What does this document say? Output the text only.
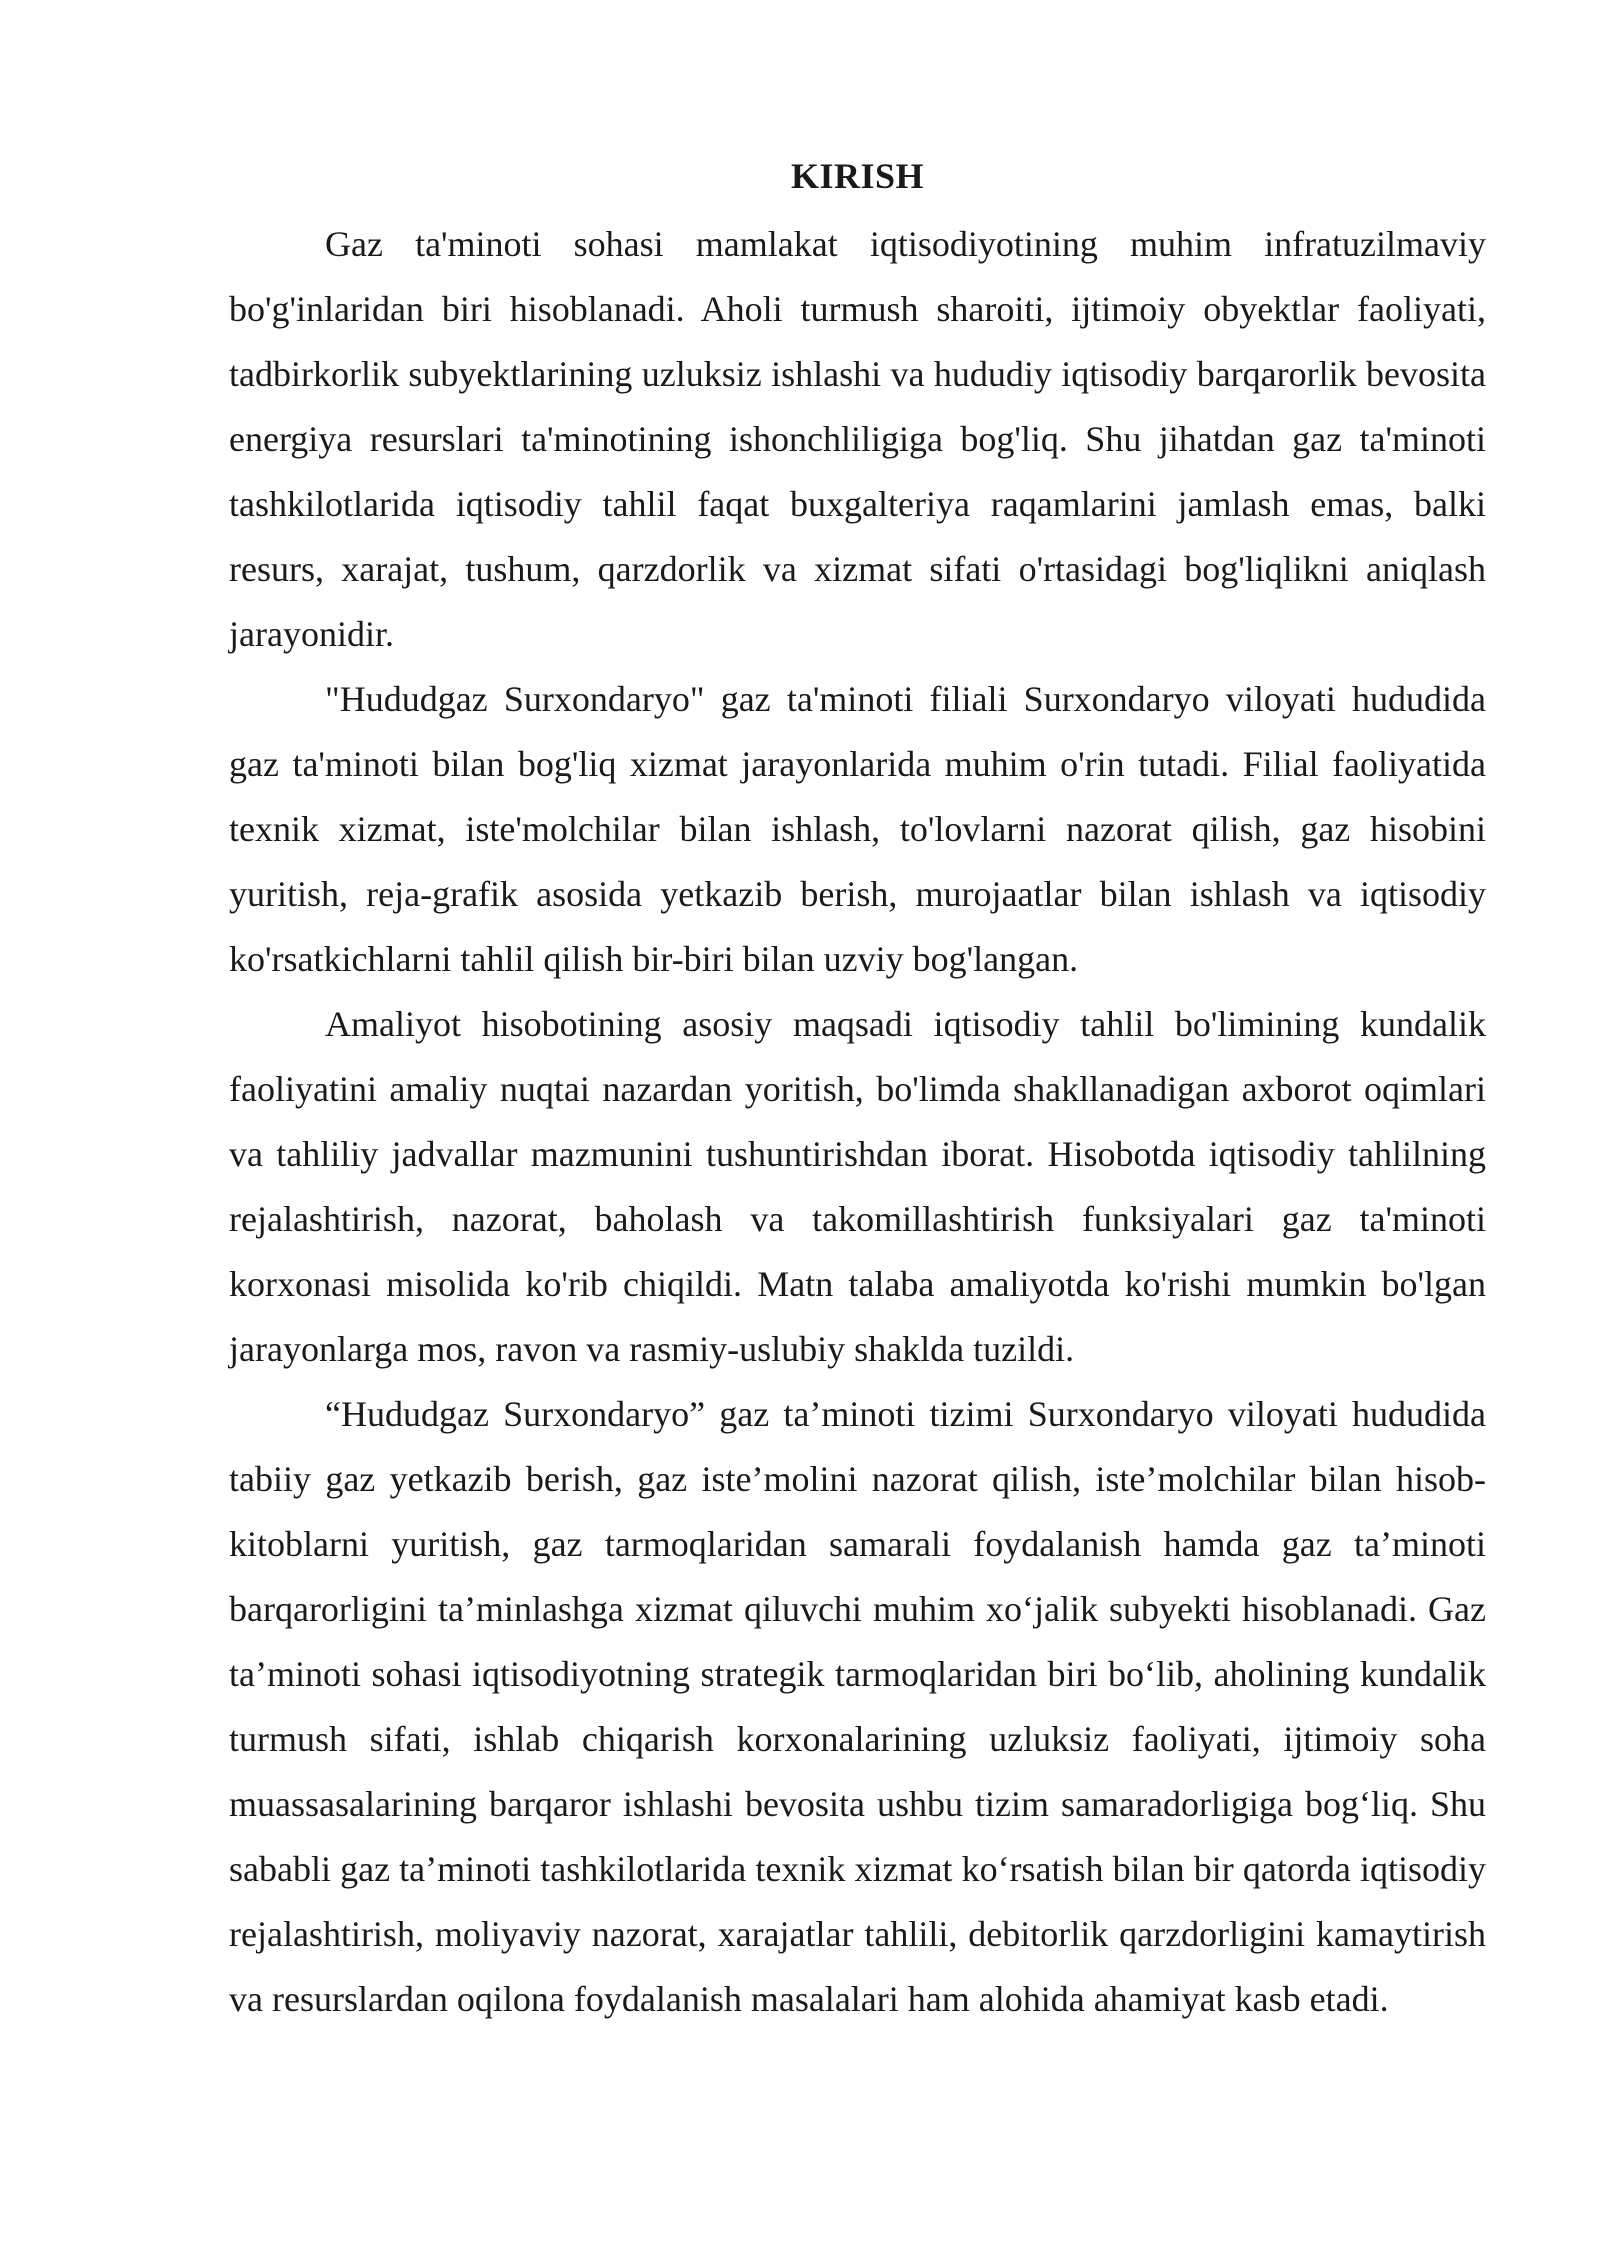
KIRISH

Gaz ta'minoti sohasi mamlakat iqtisodiyotining muhim infratuzilmaviy bo'g'inlaridan biri hisoblanadi. Aholi turmush sharoiti, ijtimoiy obyektlar faoliyati, tadbirkorlik subyektlarining uzluksiz ishlashi va hududiy iqtisodiy barqarorlik bevosita energiya resurslari ta'minotining ishonchliligiga bog'liq. Shu jihatdan gaz ta'minoti tashkilotlarida iqtisodiy tahlil faqat buxgalteriya raqamlarini jamlash emas, balki resurs, xarajat, tushum, qarzdorlik va xizmat sifati o'rtasidagi bog'liqlikni aniqlash jarayonidir.

"Hududgaz Surxondaryo" gaz ta'minoti filiali Surxondaryo viloyati hududida gaz ta'minoti bilan bog'liq xizmat jarayonlarida muhim o'rin tutadi. Filial faoliyatida texnik xizmat, iste'molchilar bilan ishlash, to'lovlarni nazorat qilish, gaz hisobini yuritish, reja-grafik asosida yetkazib berish, murojaatlar bilan ishlash va iqtisodiy ko'rsatkichlarni tahlil qilish bir-biri bilan uzviy bog'langan.

Amaliyot hisobotining asosiy maqsadi iqtisodiy tahlil bo'limining kundalik faoliyatini amaliy nuqtai nazardan yoritish, bo'limda shakllanadigan axborot oqimlari va tahliliy jadvallar mazmunini tushuntirishdan iborat. Hisobotda iqtisodiy tahlilning rejalashtirish, nazorat, baholash va takomillashtirish funksiyalari gaz ta'minoti korxonasi misolida ko'rib chiqildi. Matn talaba amaliyotda ko'rishi mumkin bo'lgan jarayonlarga mos, ravon va rasmiy-uslubiy shaklda tuzildi.

“Hududgaz Surxondaryo” gaz ta’minoti tizimi Surxondaryo viloyati hududida tabiiy gaz yetkazib berish, gaz iste’molini nazorat qilish, iste’molchilar bilan hisob-kitoblarni yuritish, gaz tarmoqlaridan samarali foydalanish hamda gaz ta’minoti barqarorligini ta’minlashga xizmat qiluvchi muhim xo‘jalik subyekti hisoblanadi. Gaz ta’minoti sohasi iqtisodiyotning strategik tarmoqlaridan biri bo‘lib, aholining kundalik turmush sifati, ishlab chiqarish korxonalarining uzluksiz faoliyati, ijtimoiy soha muassasalarining barqaror ishlashi bevosita ushbu tizim samaradorligiga bog‘liq. Shu sababli gaz ta’minoti tashkilotlarida texnik xizmat ko‘rsatish bilan bir qatorda iqtisodiy rejalashtirish, moliyaviy nazorat, xarajatlar tahlili, debitorlik qarzdorligini kamaytirish va resurslardan oqilona foydalanish masalalari ham alohida ahamiyat kasb etadi.
